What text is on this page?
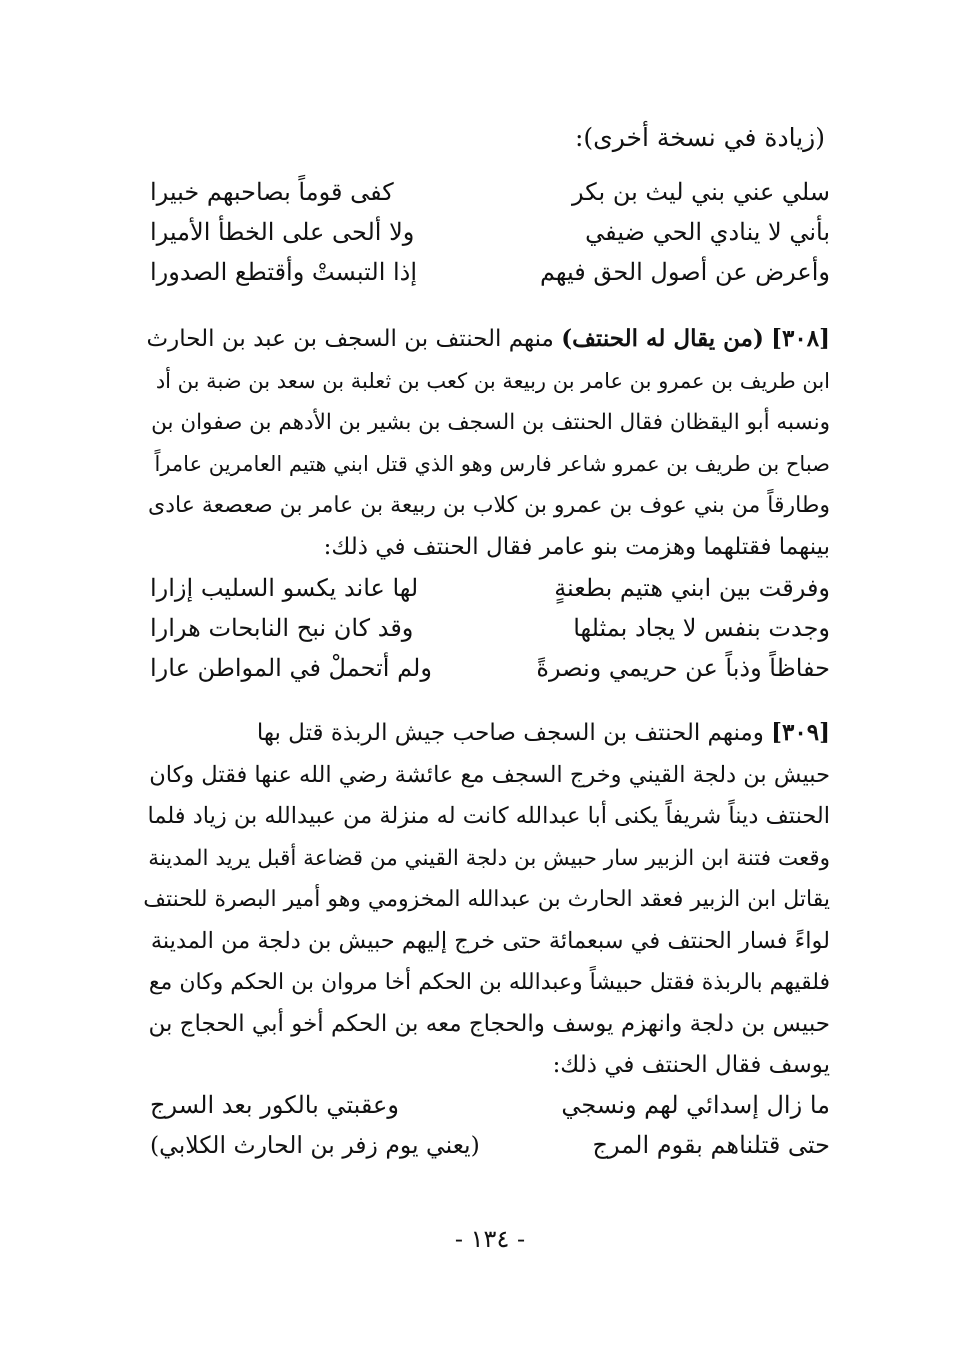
(زيادة في نسخة أخرى):
سلي عني بني ليث بن بكر
كفى قوماً بصاحبهم خبيرا
بأني لا ينادي الحي ضيفي
ولا ألحى على الخطأ الأميرا
وأعرض عن أصول الحق فيهم
إذا التبستْ وأقتطع الصدورا
[٣٠٨] (من يقال له الحنتف) منهم الحنتف بن السجف بن عبد بن الحارث
ابن طريف بن عمرو بن عامر بن ربيعة بن كعب بن ثعلبة بن سعد بن ضبة بن أد
ونسبه أبو اليقظان فقال الحنتف بن السجف بن بشير بن الأدهم بن صفوان بن
صباح بن طريف بن عمرو شاعر فارس وهو الذي قتل ابني هتيم العامرين عامراً
وطارقاً من بني عوف بن عمرو بن كلاب بن ربيعة بن عامر بن صعصعة عادى
بينهما فقتلهما وهزمت بنو عامر فقال الحنتف في ذلك:
وفرقت بين ابني هتيم بطعنةٍ
لها عاند يكسو السليب إزارا
وجدت بنفس لا يجاد بمثلها
وقد كان نبح النابحات هرارا
حفاظاً وذباً عن حريمي ونصرةً
ولم أتحملْ في المواطن عارا
[٣٠٩] ومنهم الحنتف بن السجف صاحب جيش الربذة قتل بها
حبيش بن دلجة القيني وخرج السجف مع عائشة رضي الله عنها فقتل وكان
الحنتف ديناً شريفاً يكنى أبا عبدالله كانت له منزلة من عبيدالله بن زياد فلما
وقعت فتنة ابن الزبير سار حبيش بن دلجة القيني من قضاعة أقبل يريد المدينة
يقاتل ابن الزبير فعقد الحارث بن عبدالله المخزومي وهو أمير البصرة للحنتف
لواءً فسار الحنتف في سبعمائة حتى خرج إليهم حبيش بن دلجة من المدينة
فلقيهم بالربذة فقتل حبيشاً وعبدالله بن الحكم أخا مروان بن الحكم وكان مع
حبيس بن دلجة وانهزم يوسف والحجاج معه بن الحكم أخو أبي الحجاج بن
يوسف فقال الحنتف في ذلك:
ما زال إسدائي لهم ونسجي
وعقبتي بالكور بعد السرج
حتى قتلناهم بقوم المرج
(يعني يوم زفر بن الحارث الكلابي)
- ١٣٤ -
